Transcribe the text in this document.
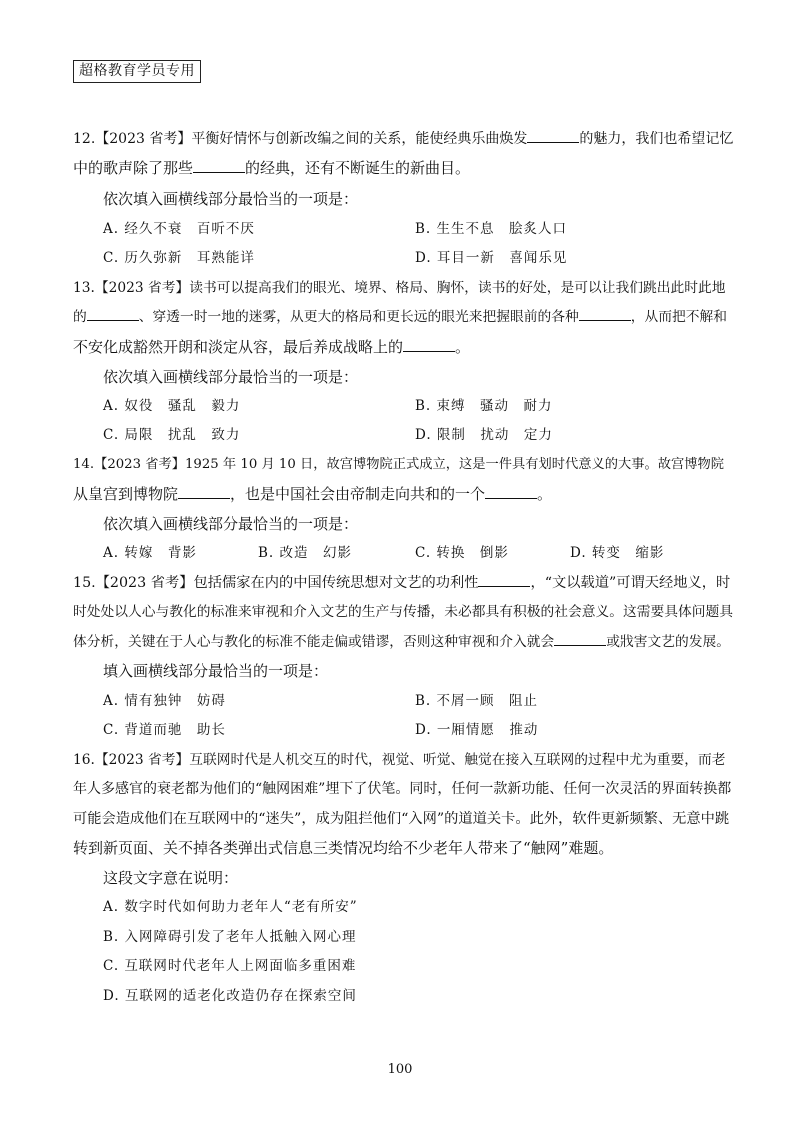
超格教育学员专用
12.【2023 省考】平衡好情怀与创新改编之间的关系，能使经典乐曲焕发	的魅力，我们也希望记忆
中的歌声除了那些	的经典，还有不断诞生的新曲目。
依次填入画横线部分最恰当的一项是：
A. 经久不衰　百听不厌	B. 生生不息　脍炙人口
C. 历久弥新　耳熟能详	D. 耳目一新　喜闻乐见
13.【2023 省考】读书可以提高我们的眼光、境界、格局、胸怀，读书的好处，是可以让我们跳出此时此地
的	、穿透一时一地的迷雾，从更大的格局和更长远的眼光来把握眼前的各种	，从而把不解和
不安化成豁然开朗和淡定从容，最后养成战略上的	。
依次填入画横线部分最恰当的一项是：
A. 奴役　骚乱　毅力	B. 束缚　骚动　耐力
C. 局限　扰乱　致力	D. 限制　扰动　定力
14.【2023 省考】1925 年 10 月 10 日，故宫博物院正式成立，这是一件具有划时代意义的大事。故宫博物院
从皇宫到博物院	，也是中国社会由帝制走向共和的一个	。
依次填入画横线部分最恰当的一项是：
A. 转嫁　背影	B. 改造　幻影	C. 转换　倒影	D. 转变　缩影
15.【2023 省考】包括儒家在内的中国传统思想对文艺的功利性	，“文以载道”可谓天经地义，时
时处处以人心与教化的标准来审视和介入文艺的生产与传播，未必都具有积极的社会意义。这需要具体问题具
体分析，关键在于人心与教化的标准不能走偏或错谬，否则这种审视和介入就会	或戕害文艺的发展。
填入画横线部分最恰当的一项是：
A. 情有独钟　妨碍	B. 不屑一顾　阻止
C. 背道而驰　助长	D. 一厢情愿　推动
16.【2023 省考】互联网时代是人机交互的时代，视觉、听觉、触觉在接入互联网的过程中尤为重要，而老
年人多感官的衰老都为他们的“触网困难”埋下了伏笔。同时，任何一款新功能、任何一次灵活的界面转换都
可能会造成他们在互联网中的“迷失”，成为阻拦他们“入网”的道道关卡。此外，软件更新频繁、无意中跳
转到新页面、关不掉各类弹出式信息三类情况均给不少老年人带来了“触网”难题。
这段文字意在说明：
A. 数字时代如何助力老年人“老有所安”
B. 入网障碍引发了老年人抵触入网心理
C. 互联网时代老年人上网面临多重困难
D. 互联网的适老化改造仍存在探索空间
100
